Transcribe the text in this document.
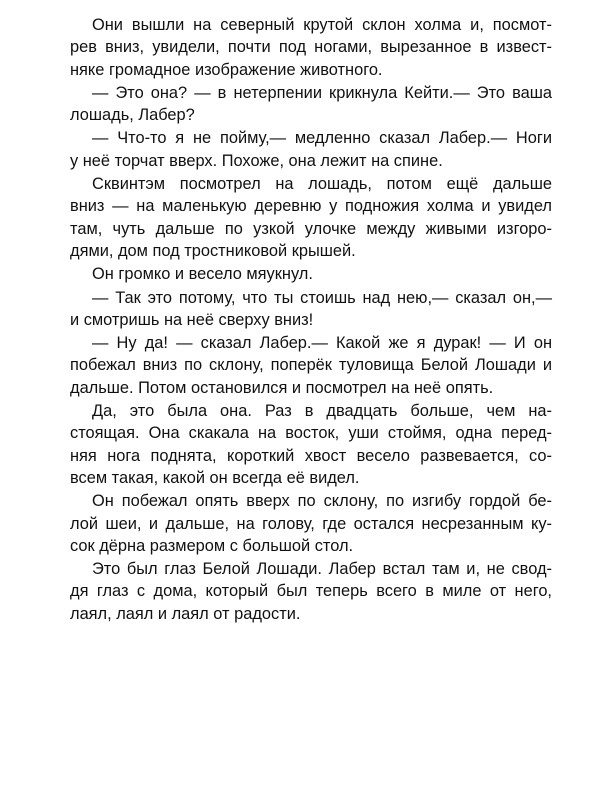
Они вышли на северный крутой склон холма и, посмот-
рев вниз, увидели, почти под ногами, вырезанное в извест-
няке громадное изображение животного.
— Это она? — в нетерпении крикнула Кейти.— Это ваша
лошадь, Лабер?
— Что-то я не пойму,— медленно сказал Лабер.— Ноги
у неё торчат вверх. Похоже, она лежит на спине.
Сквинтэм посмотрел на лошадь, потом ещё дальше
вниз — на маленькую деревню у подножия холма и увидел
там, чуть дальше по узкой улочке между живыми изгоро-
дями, дом под тростниковой крышей.
Он громко и весело мяукнул.
— Так это потому, что ты стоишь над нею,— сказал он,—
и смотришь на неё сверху вниз!
— Ну да! — сказал Лабер.— Какой же я дурак! — И он
побежал вниз по склону, поперёк туловища Белой Лошади и
дальше. Потом остановился и посмотрел на неё опять.
Да, это была она. Раз в двадцать больше, чем на-
стоящая. Она скакала на восток, уши стоймя, одна перед-
няя нога поднята, короткий хвост весело развевается, со-
всем такая, какой он всегда её видел.
Он побежал опять вверх по склону, по изгибу гордой бе-
лой шеи, и дальше, на голову, где остался несрезанным ку-
сок дёрна размером с большой стол.
Это был глаз Белой Лошади. Лабер встал там и, не свод-
дя глаз с дома, который был теперь всего в миле от него,
лаял, лаял и лаял от радости.
